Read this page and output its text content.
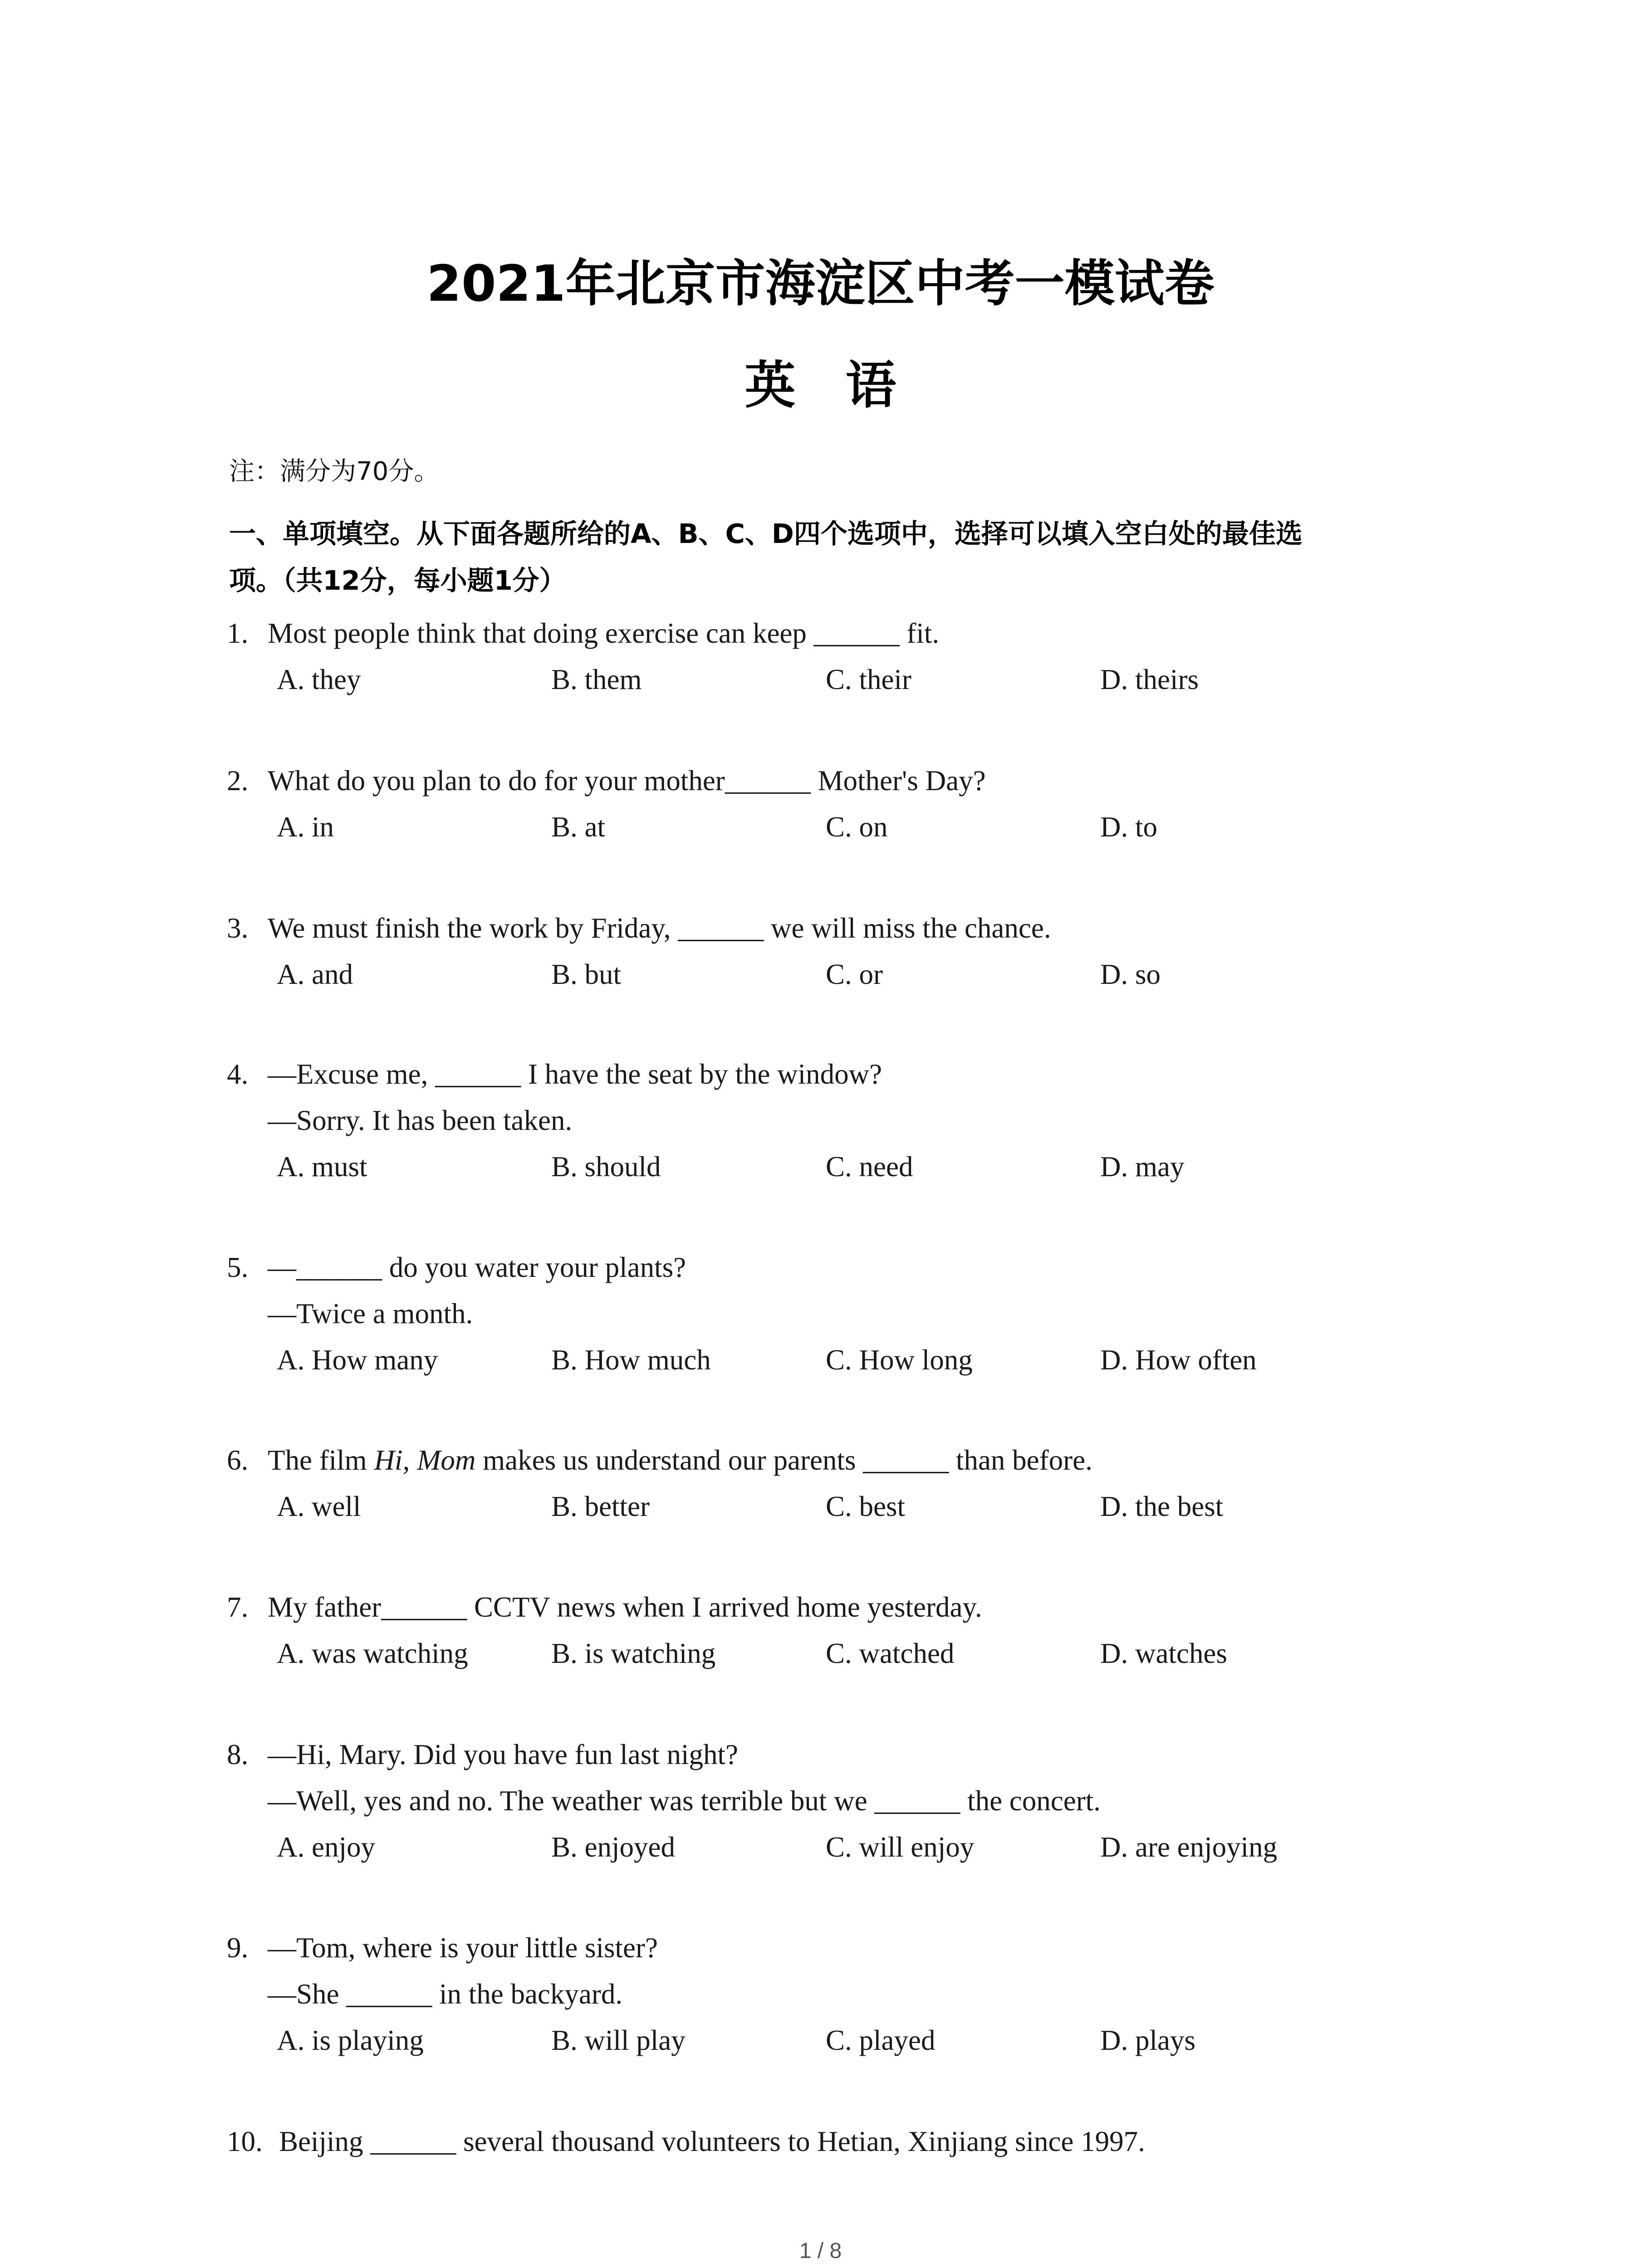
2021年北京市海淀区中考一模试卷
英语
注：满分为70分。
一、单项填空。从下面各题所给的A、B、C、D四个选项中，选择可以填入空白处的最佳选
项。（共12分，每小题1分）
1. Most people think that doing exercise can keep ______ fit.
A. they	B. them	C. their	D. theirs
2. What do you plan to do for your mother______ Mother's Day?
A. in	B. at	C. on	D. to
3. We must finish the work by Friday, ______ we will miss the chance.
A. and	B. but	C. or	D. so
4. —Excuse me, ______ I have the seat by the window?
—Sorry. It has been taken.
A. must	B. should	C. need	D. may
5. —______ do you water your plants?
—Twice a month.
A. How many	B. How much	C. How long	D. How often
6. The film Hi, Mom makes us understand our parents ______ than before.
A. well	B. better	C. best	D. the best
7. My father______ CCTV news when I arrived home yesterday.
A. was watching	B. is watching	C. watched	D. watches
8. —Hi, Mary. Did you have fun last night?
—Well, yes and no. The weather was terrible but we ______ the concert.
A. enjoy	B. enjoyed	C. will enjoy	D. are enjoying
9. —Tom, where is your little sister?
—She ______ in the backyard.
A. is playing	B. will play	C. played	D. plays
10. Beijing ______ several thousand volunteers to Hetian, Xinjiang since 1997.
1 / 8
